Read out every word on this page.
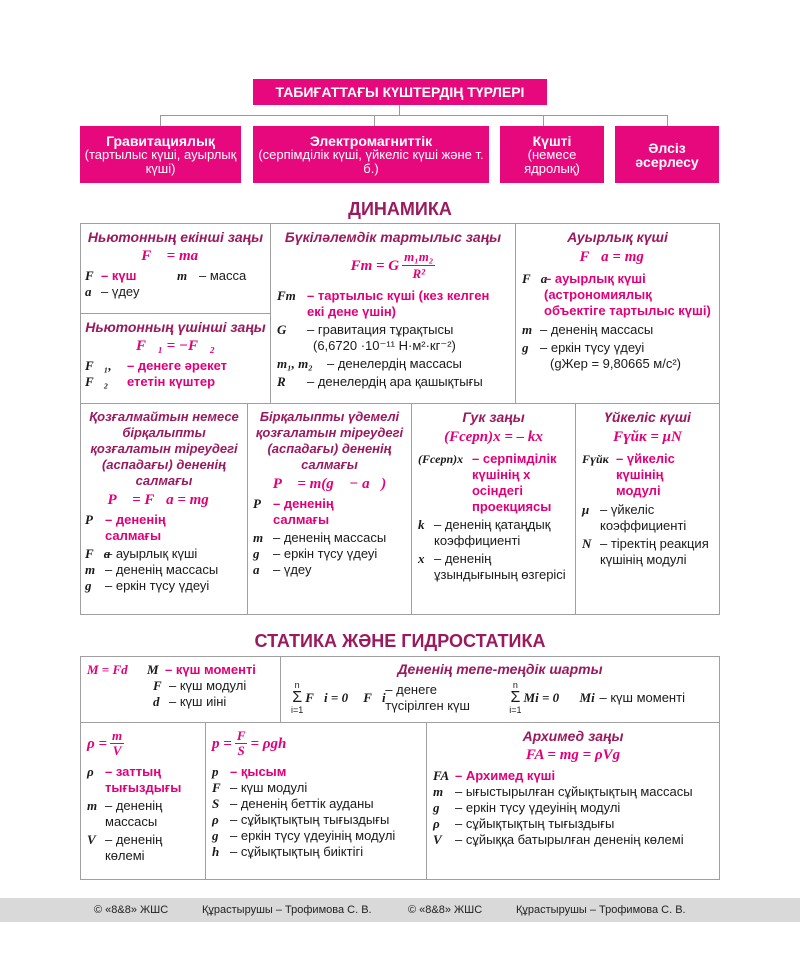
ТАБИҒАТТАҒЫ КҮШТЕРДІҢ ТҮРЛЕРІ
Гравитациялық
(тартылыс күші, ауырлық күші)
Электромагниттік
(серпімділік күші, үйкеліс күші және т. б.)
Күшті
(немесе ядролық)
Әлсіз әсерлесу
ДИНАМИКА
Ньютонның екінші заңы
F⃗ = ma⃗
F⃗
– күш	m – масса
a⃗ – үдеу
Ньютонның үшінші заңы
F⃗₁ = −F⃗₂
F⃗₁, F⃗₂
– денеге әрекет ететін күштер
Бүкіләлемдік тартылыс заңы
Fт = G $\frac{\text{m₁m₂}}{\text{R²}}$
Fт – тартылыс күші (кез келген екі дене үшін)
G	– гравитация тұрақтысы
(6,6720 ·10⁻¹¹ Н·м²·кг⁻²)
m₁, m₂	– денелердің массасы
R	– денелердің ара қашықтығы
Ауырлық күші
F⃗а = mg⃗
F⃗а
– ауырлық күші (астрономиялық объектіге тартылыс күші)
m – дененің массасы
g⃗ – еркін түсу үдеуі
(gЖер = 9,80665 м/с²)
Қозғалмайтын немесе бірқалыпты қозғалатын тіреудегі (аспадағы) дененің салмағы
P⃗ = F⃗а = mg⃗
P⃗ – дененің салмағы
F⃗а
– ауырлық күші
m – дененің массасы
g⃗ – еркін түсу үдеуі
Бірқалыпты үдемелі қозғалатын тіреудегі (аспадағы) дененің салмағы
P⃗ = m(g⃗ − a⃗)
P⃗ – дененің салмағы
m – дененің массасы
g⃗ – еркін түсу үдеуі
a⃗ – үдеу
Гук заңы
(Fсерп)x = – kx
(Fсерп)x – серпімділік күшінің x осіндегі проекциясы
k – дененің қатаңдық коэффициенті
x – дененің ұзындығының өзгерісі
Үйкеліс күші
Fүйк = μN
Fүйк – үйкеліс күшінің модулі
μ – үйкеліс коэффициенті
N – тіректің реакция күшінің модулі
СТАТИКА ЖӘНЕ ГИДРОСТАТИКА
M = Fd	M – күш моменті
F – күш модулі
d – күш иіні
Дененің тепе-теңдік шарты
n
Σ
i=1
F⃗i = 0	F⃗i
– денеге түсірілген күш
n
Σ
i=1
Mi = 0	Mi – күш моменті
$\rho = \frac{m}{V}$
ρ – заттың тығыздығы
m – дененің массасы
V – дененің көлемі
$p = \frac{F}{S} = \rho gh$
p – қысым
F – күш модулі
S – дененің беттік ауданы
ρ – сұйықтықтың тығыздығы
g – еркін түсу үдеуінің модулі
h – сұйықтықтың биіктігі
Архимед заңы
FA = mg = ρVg
FA – Архимед күші
m – ығыстырылған сұйықтықтың массасы
g	– еркін түсу үдеуінің модулі
ρ	– сұйықтықтың тығыздығы
V	– сұйыққа батырылған дененің көлемі
© «8&8» ЖШС	Құрастырушы – Трофимова С. В.	© «8&8» ЖШС	Құрастырушы – Трофимова С. В.
